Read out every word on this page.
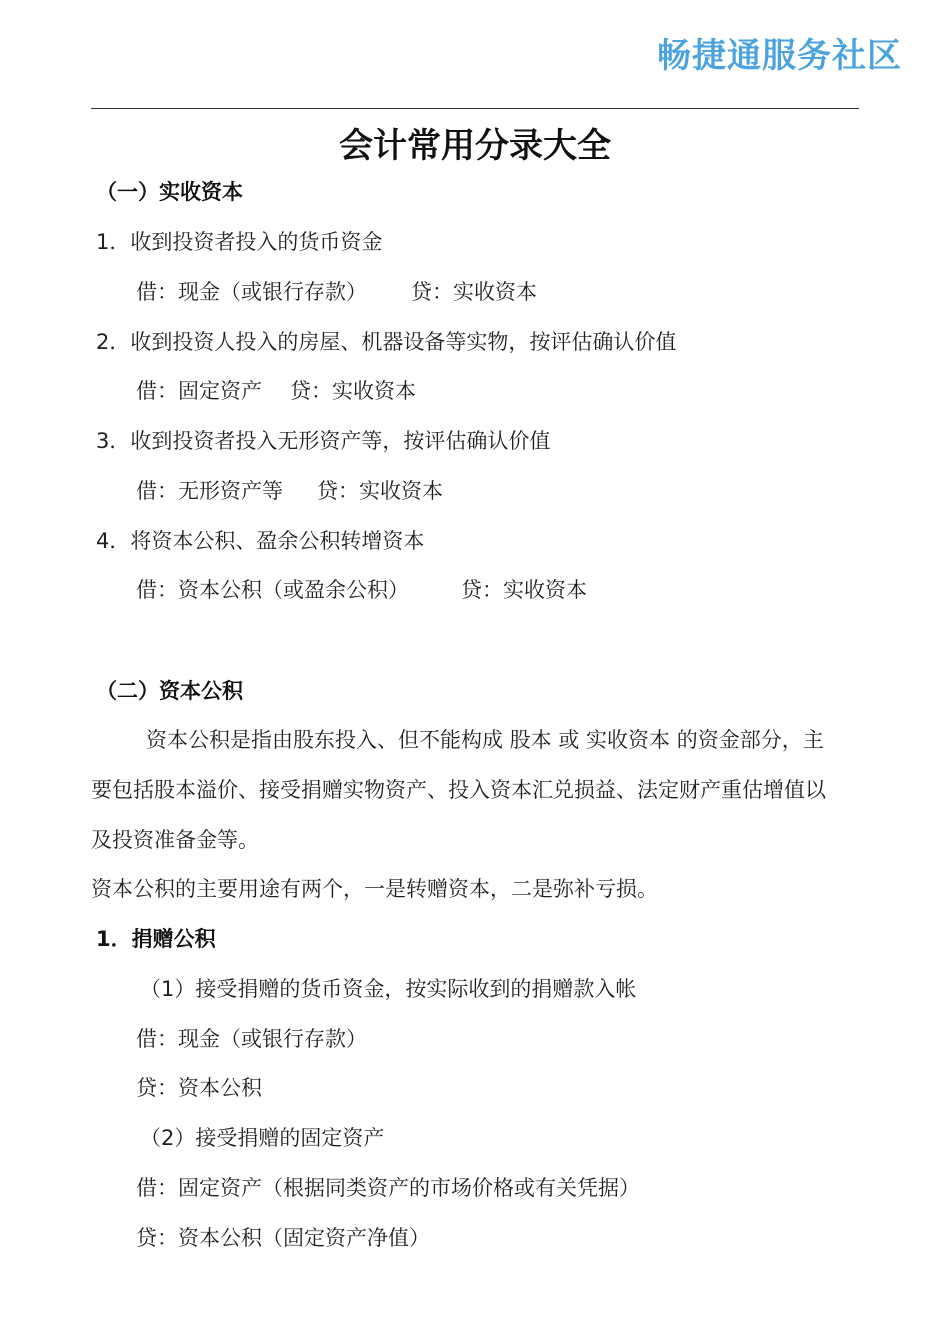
畅捷通服务社区
会计常用分录大全
（一）实收资本
1．收到投资者投入的货币资金
借：现金（或银行存款） 贷：实收资本
2．收到投资人投入的房屋、机器设备等实物，按评估确认价值
借：固定资产 贷：实收资本
3．收到投资者投入无形资产等，按评估确认价值
借：无形资产等 贷：实收资本
4．将资本公积、盈余公积转增资本
借：资本公积（或盈余公积） 贷：实收资本
（二）资本公积
资本公积是指由股东投入、但不能构成 股本 或 实收资本 的资金部分，主
要包括股本溢价、接受捐赠实物资产、投入资本汇兑损益、法定财产重估增值以
及投资准备金等。
资本公积的主要用途有两个，一是转赠资本，二是弥补亏损。
1．捐赠公积
（1）接受捐赠的货币资金，按实际收到的捐赠款入帐
借：现金（或银行存款）
贷：资本公积
（2）接受捐赠的固定资产
借：固定资产（根据同类资产的市场价格或有关凭据）
贷：资本公积（固定资产净值）
